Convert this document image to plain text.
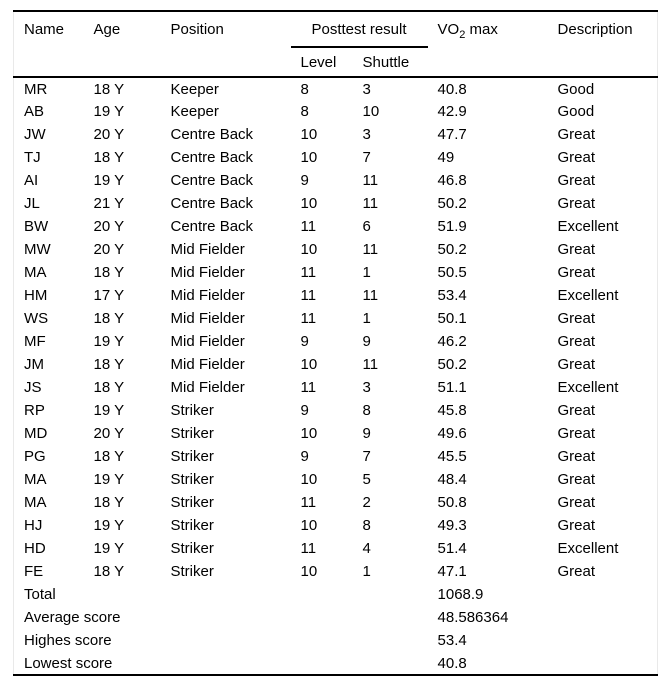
Name	Age	Position	Posttest result		$VO_2$ max	Description
			Level	Shuttle		
MR	18 Y	Keeper	8	3	40.8	Good
AB	19 Y	Keeper	8	10	42.9	Good
JW	20 Y	Centre Back	10	3	47.7	Great
TJ	18 Y	Centre Back	10	7	49	Great
AI	19 Y	Centre Back	9	11	46.8	Great
JL	21 Y	Centre Back	10	11	50.2	Great
BW	20 Y	Centre Back	11	6	51.9	Excellent
MW	20 Y	Mid Fielder	10	11	50.2	Great
MA	18 Y	Mid Fielder	11	1	50.5	Great
HM	17 Y	Mid Fielder	11	11	53.4	Excellent
WS	18 Y	Mid Fielder	11	1	50.1	Great
MF	19 Y	Mid Fielder	9	9	46.2	Great
JM	18 Y	Mid Fielder	10	11	50.2	Great
JS	18 Y	Mid Fielder	11	3	51.1	Excellent
RP	19 Y	Striker	9	8	45.8	Great
MD	20 Y	Striker	10	9	49.6	Great
PG	18 Y	Striker	9	7	45.5	Great
MA	19 Y	Striker	10	5	48.4	Great
MA	18 Y	Striker	11	2	50.8	Great
HJ	19 Y	Striker	10	8	49.3	Great
HD	19 Y	Striker	11	4	51.4	Excellent
FE	18 Y	Striker	10	1	47.1	Great
Total					1068.9	
Average score					48.586364	
Highes score					53.4	
Lowest score					40.8	
